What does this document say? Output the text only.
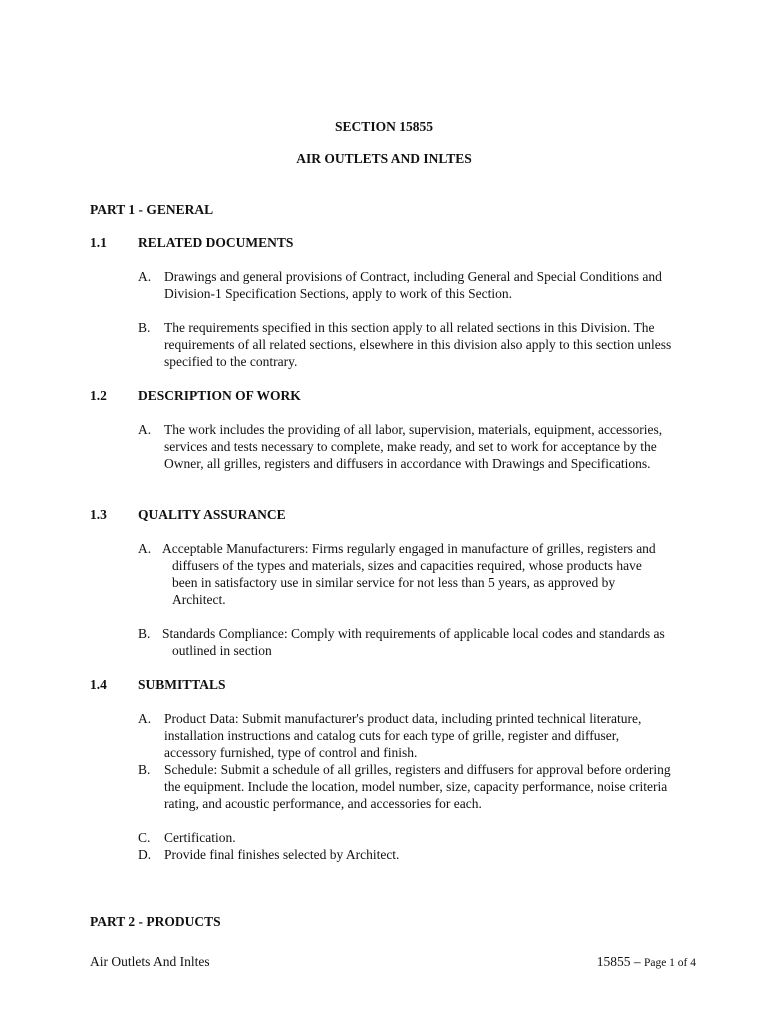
SECTION 15855
AIR OUTLETS AND INLTES
PART 1 - GENERAL
1.1 RELATED DOCUMENTS
A. Drawings and general provisions of Contract, including General and Special Conditions and Division-1 Specification Sections, apply to work of this Section.
B.	The requirements specified in this section apply to all related sections in this Division. The requirements of all related sections, elsewhere in this division also apply to this section unless specified to the contrary.
1.2 DESCRIPTION OF WORK
A. The work includes the providing of all labor, supervision, materials, equipment, accessories, services and tests necessary to complete, make ready, and set to work for acceptance by the Owner, all grilles, registers and diffusers in accordance with Drawings and Specifications.
1.3 QUALITY ASSURANCE
A. Acceptable Manufacturers: Firms regularly engaged in manufacture of grilles, registers and diffusers of the types and materials, sizes and capacities required, whose products have been in satisfactory use in similar service for not less than 5 years, as approved by Architect.
B. Standards Compliance: Comply with requirements of applicable local codes and standards as outlined in section
1.4 SUBMITTALS
A. Product Data: Submit manufacturer's product data, including printed technical literature, installation instructions and catalog cuts for each type of grille, register and diffuser, accessory furnished, type of control and finish.
B.	Schedule: Submit a schedule of all grilles, registers and diffusers for approval before ordering the equipment. Include the location, model number, size, capacity performance, noise criteria rating, and acoustic performance, and accessories for each.
C.	Certification.
D. Provide final finishes selected by Architect.
PART 2 - PRODUCTS
Air Outlets And Inltes	15855 – Page 1 of 4
